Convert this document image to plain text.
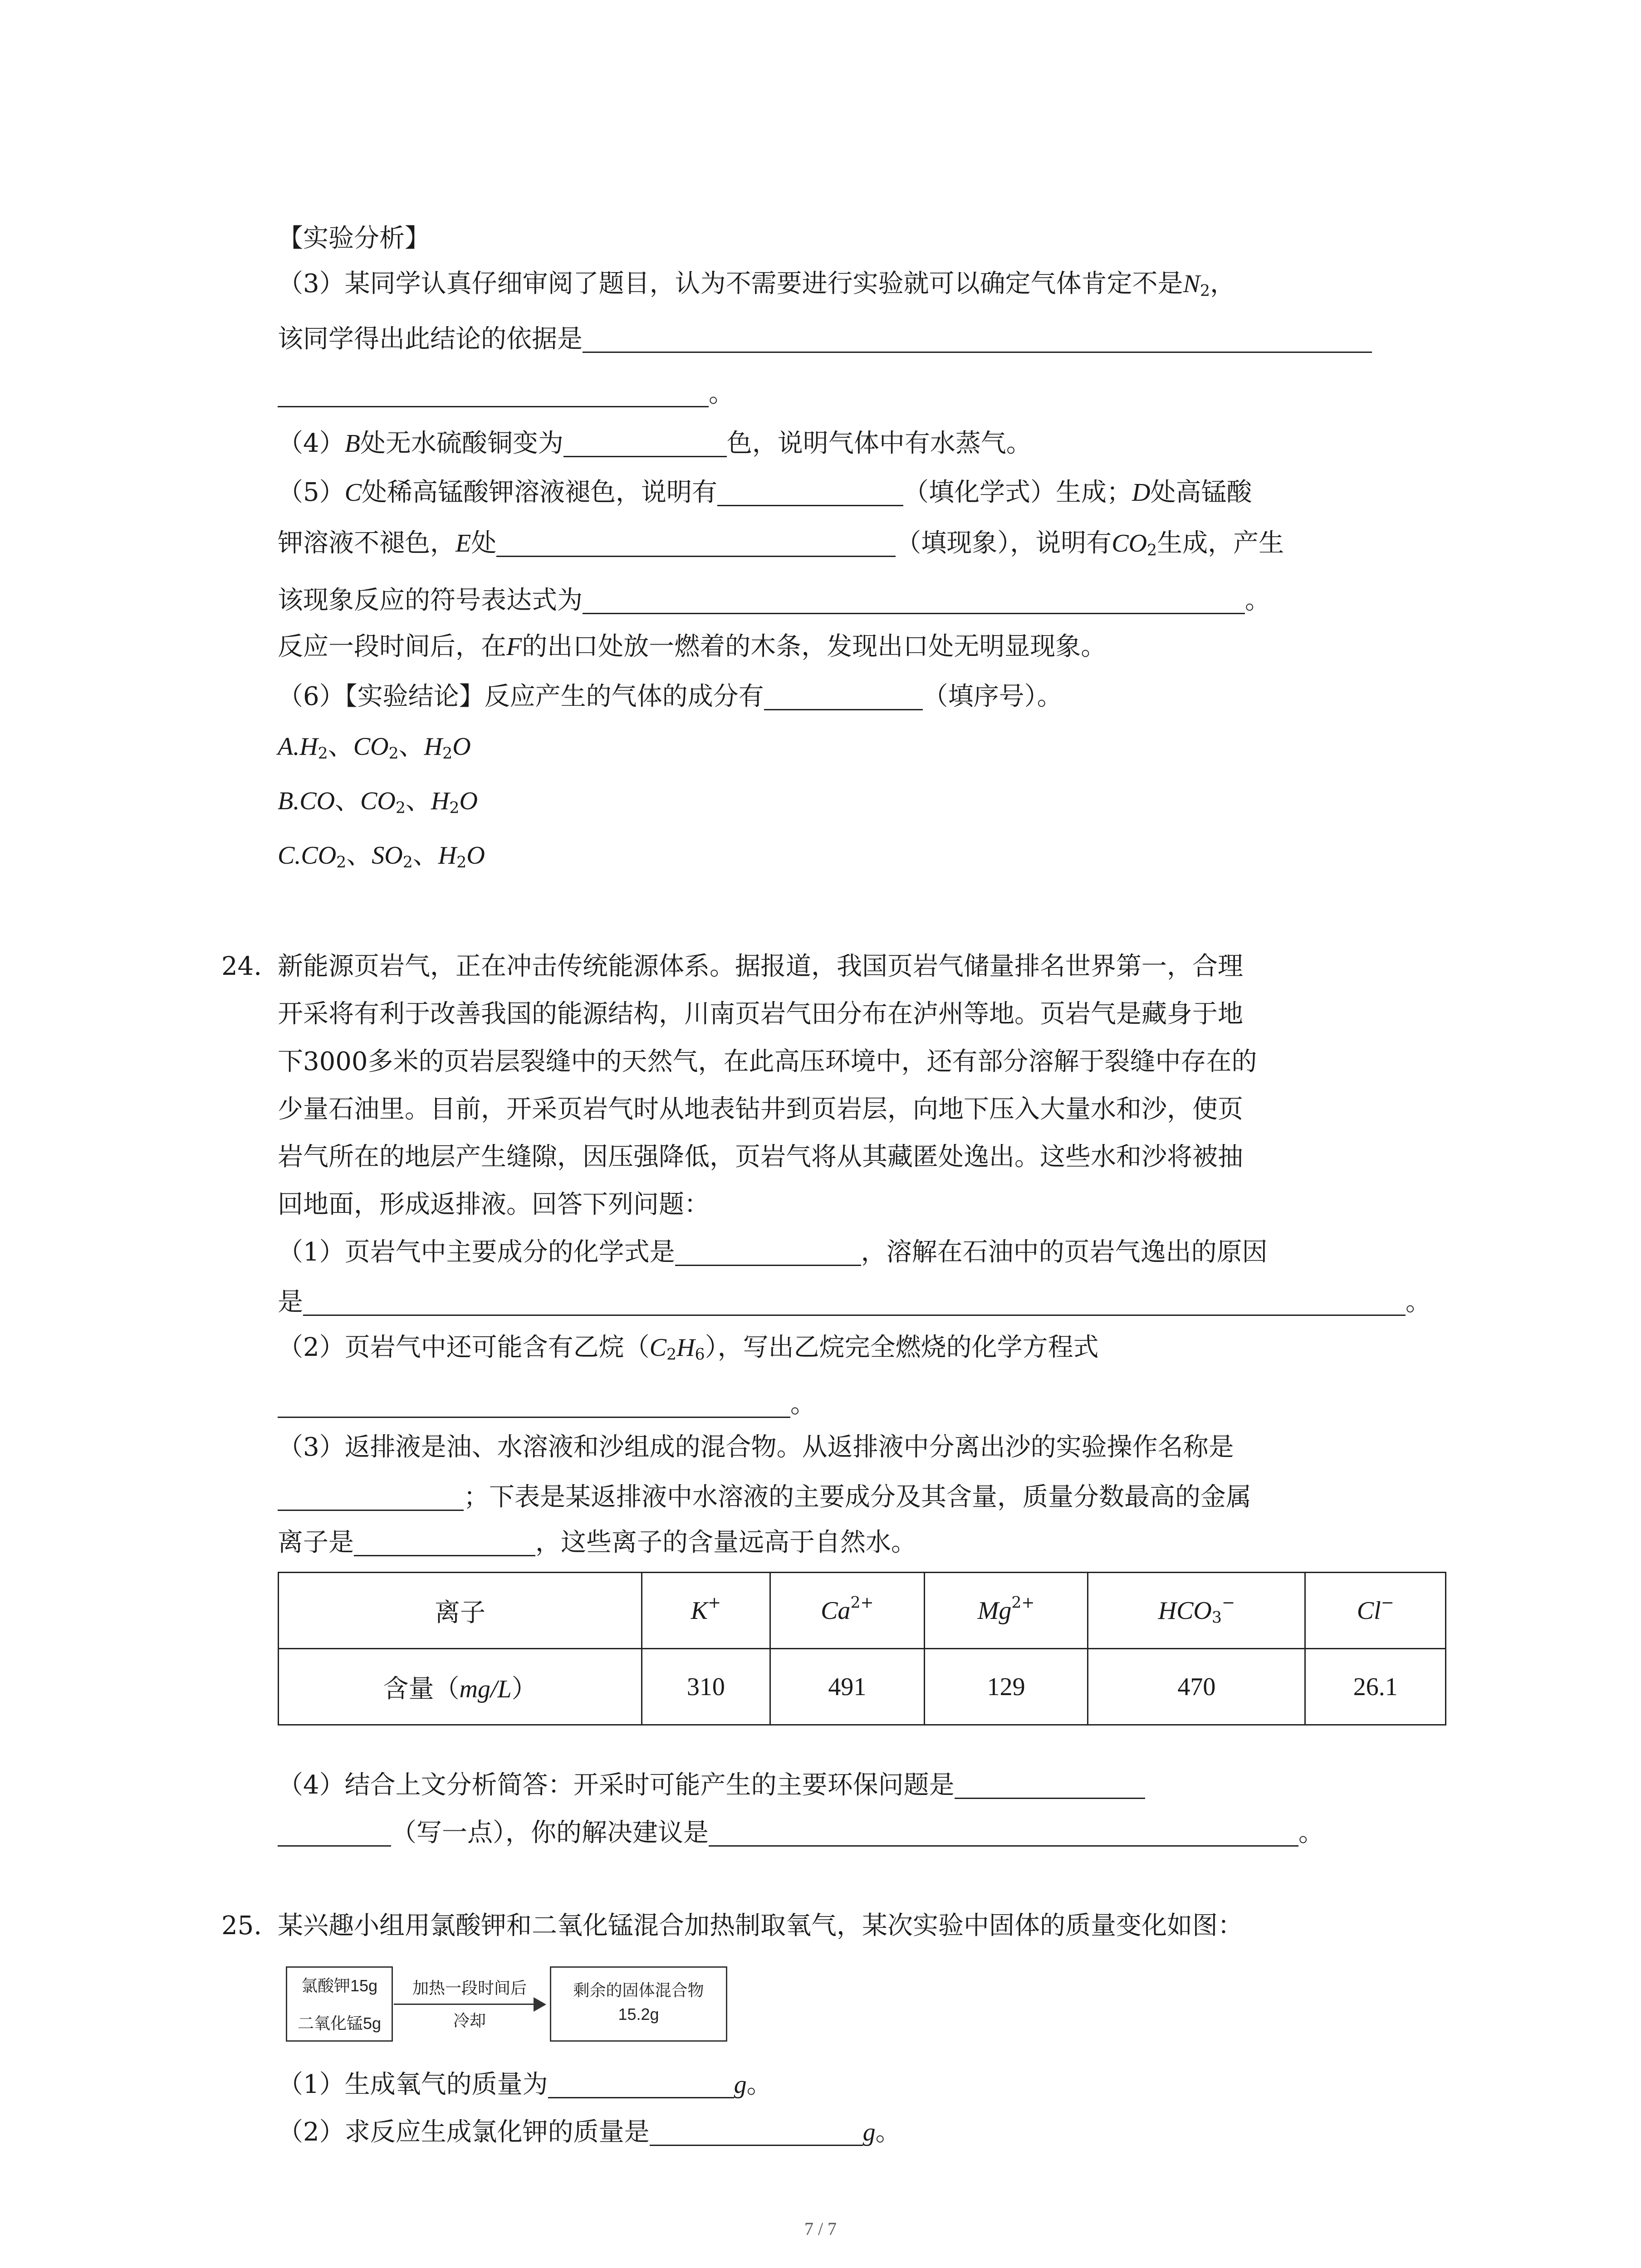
【实验分析】
（3）某同学认真仔细审阅了题目，认为不需要进行实验就可以确定气体肯定不是$N_2$，
该同学得出此结论的依据是
。
（4）B处无水硫酸铜变为	色，说明气体中有水蒸气。
（5）C处稀高锰酸钾溶液褪色，说明有	（填化学式）生成；D处高锰酸
钾溶液不褪色，E处	（填现象），说明有$CO_2$生成，产生
该现象反应的符号表达式为	。
反应一段时间后，在F的出口处放一燃着的木条，发现出口处无明显现象。
（6）【实验结论】反应产生的气体的成分有	（填序号）。
$A.H_2$、$CO_2$、$H_2O$
B.CO、$CO_2$、$H_2O$
$C.CO_2$、$SO_2$、$H_2O$
24. 新能源页岩气，正在冲击传统能源体系。据报道，我国页岩气储量排名世界第一，合理
开采将有利于改善我国的能源结构，川南页岩气田分布在泸州等地。页岩气是藏身于地
下3000多米的页岩层裂缝中的天然气，在此高压环境中，还有部分溶解于裂缝中存在的
少量石油里。目前，开采页岩气时从地表钻井到页岩层，向地下压入大量水和沙，使页
岩气所在的地层产生缝隙，因压强降低，页岩气将从其藏匿处逸出。这些水和沙将被抽
回地面，形成返排液。回答下列问题：
（1）页岩气中主要成分的化学式是	，溶解在石油中的页岩气逸出的原因
是	。
（2）页岩气中还可能含有乙烷$(C_2H_6)$，写出乙烷完全燃烧的化学方程式
。
（3）返排液是油、水溶液和沙组成的混合物。从返排液中分离出沙的实验操作名称是
；下表是某返排液中水溶液的主要成分及其含量，质量分数最高的金属
离子是	，这些离子的含量远高于自然水。
离子	K+	$Ca^{2+}$	$Mg^{2+}$	$HCO_3^-$	Cl−
含量（mg/L）	310	491	129	470	26.1
（4）结合上文分析简答：开采时可能产生的主要环保问题是
（写一点），你的解决建议是	。
25. 某兴趣小组用氯酸钾和二氧化锰混合加热制取氧气，某次实验中固体的质量变化如图：
氯酸钾15g
二氧化锰5g
加热一段时间后
冷却
剩余的固体混合物
15.2g
（1）生成氧气的质量为	g。
（2）求反应生成氯化钾的质量是	g。
7 / 7
